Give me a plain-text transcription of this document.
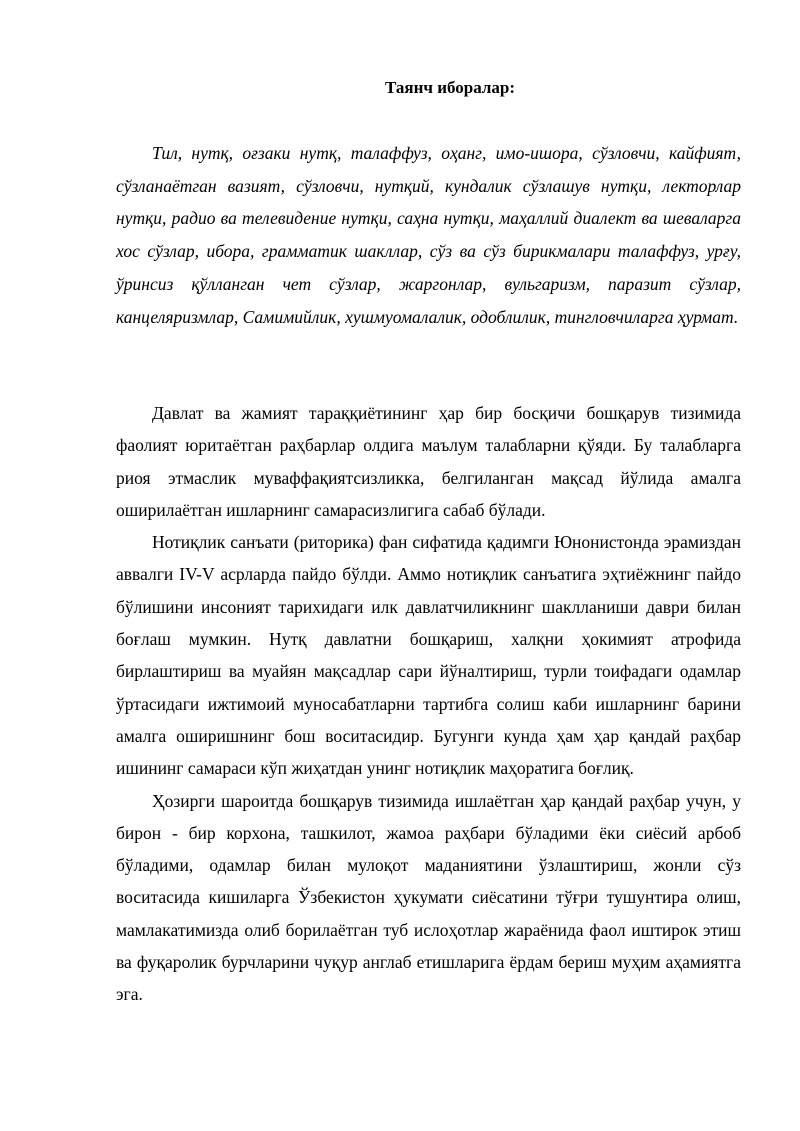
Таянч иборалар:

Тил, нутқ, оғзаки нутқ, талаффуз, оҳанг, имо-ишора, сўзловчи, кайфият, сўзланаётган вазият, сўзловчи, нутқий, кундалик сўзлашув нутқи, лекторлар нутқи, радио ва телевидение нутқи, саҳна нутқи, маҳаллий диалект ва шеваларга хос сўзлар, ибора, грамматик шакллар, сўз ва сўз бирикмалари талаффуз, урғу, ўринсиз қўлланган чет сўзлар, жаргонлар, вульгаризм, паразит сўзлар, канцеляризмлар, Самимийлик, хушмуомалалик, одоблилик, тингловчиларга ҳурмат.

Давлат ва жамият тараққиётининг ҳар бир босқичи бошқарув тизимида фаолият юритаётган раҳбарлар олдига маълум талабларни қўяди. Бу талабларга риоя этмаслик муваффақиятсизликка, белгиланган мақсад йўлида амалга оширилаётган ишларнинг самарасизлигига сабаб бўлади.

Нотиқлик санъати (риторика) фан сифатида қадимги Юнонистонда эрамиздан аввалги IV-V асрларда пайдо бўлди. Аммо нотиқлик санъатига эҳтиёжнинг пайдо бўлишини инсоният тарихидаги илк давлатчиликнинг шаклланиши даври билан боғлаш мумкин. Нутқ давлатни бошқариш, халқни ҳокимият атрофида бирлаштириш ва муайян мақсадлар сари йўналтириш, турли тоифадаги одамлар ўртасидаги ижтимоий муносабатларни тартибга солиш каби ишларнинг барини амалга оширишнинг бош воситасидир. Бугунги кунда ҳам ҳар қандай раҳбар ишининг самараси кўп жиҳатдан унинг нотиқлик маҳоратига боғлиқ.

Ҳозирги шароитда бошқарув тизимида ишлаётган ҳар қандай раҳбар учун, у бирон - бир корхона, ташкилот, жамоа раҳбари бўладими ёки сиёсий арбоб бўладими, одамлар билан мулоқот маданиятини ўзлаштириш, жонли сўз воситасида кишиларга Ўзбекистон ҳукумати сиёсатини тўғри тушунтира олиш, мамлакатимизда олиб борилаётган туб ислоҳотлар жараёнида фаол иштирок этиш ва фуқаролик бурчларини чуқур англаб етишларига ёрдам бериш муҳим аҳамиятга эга.
